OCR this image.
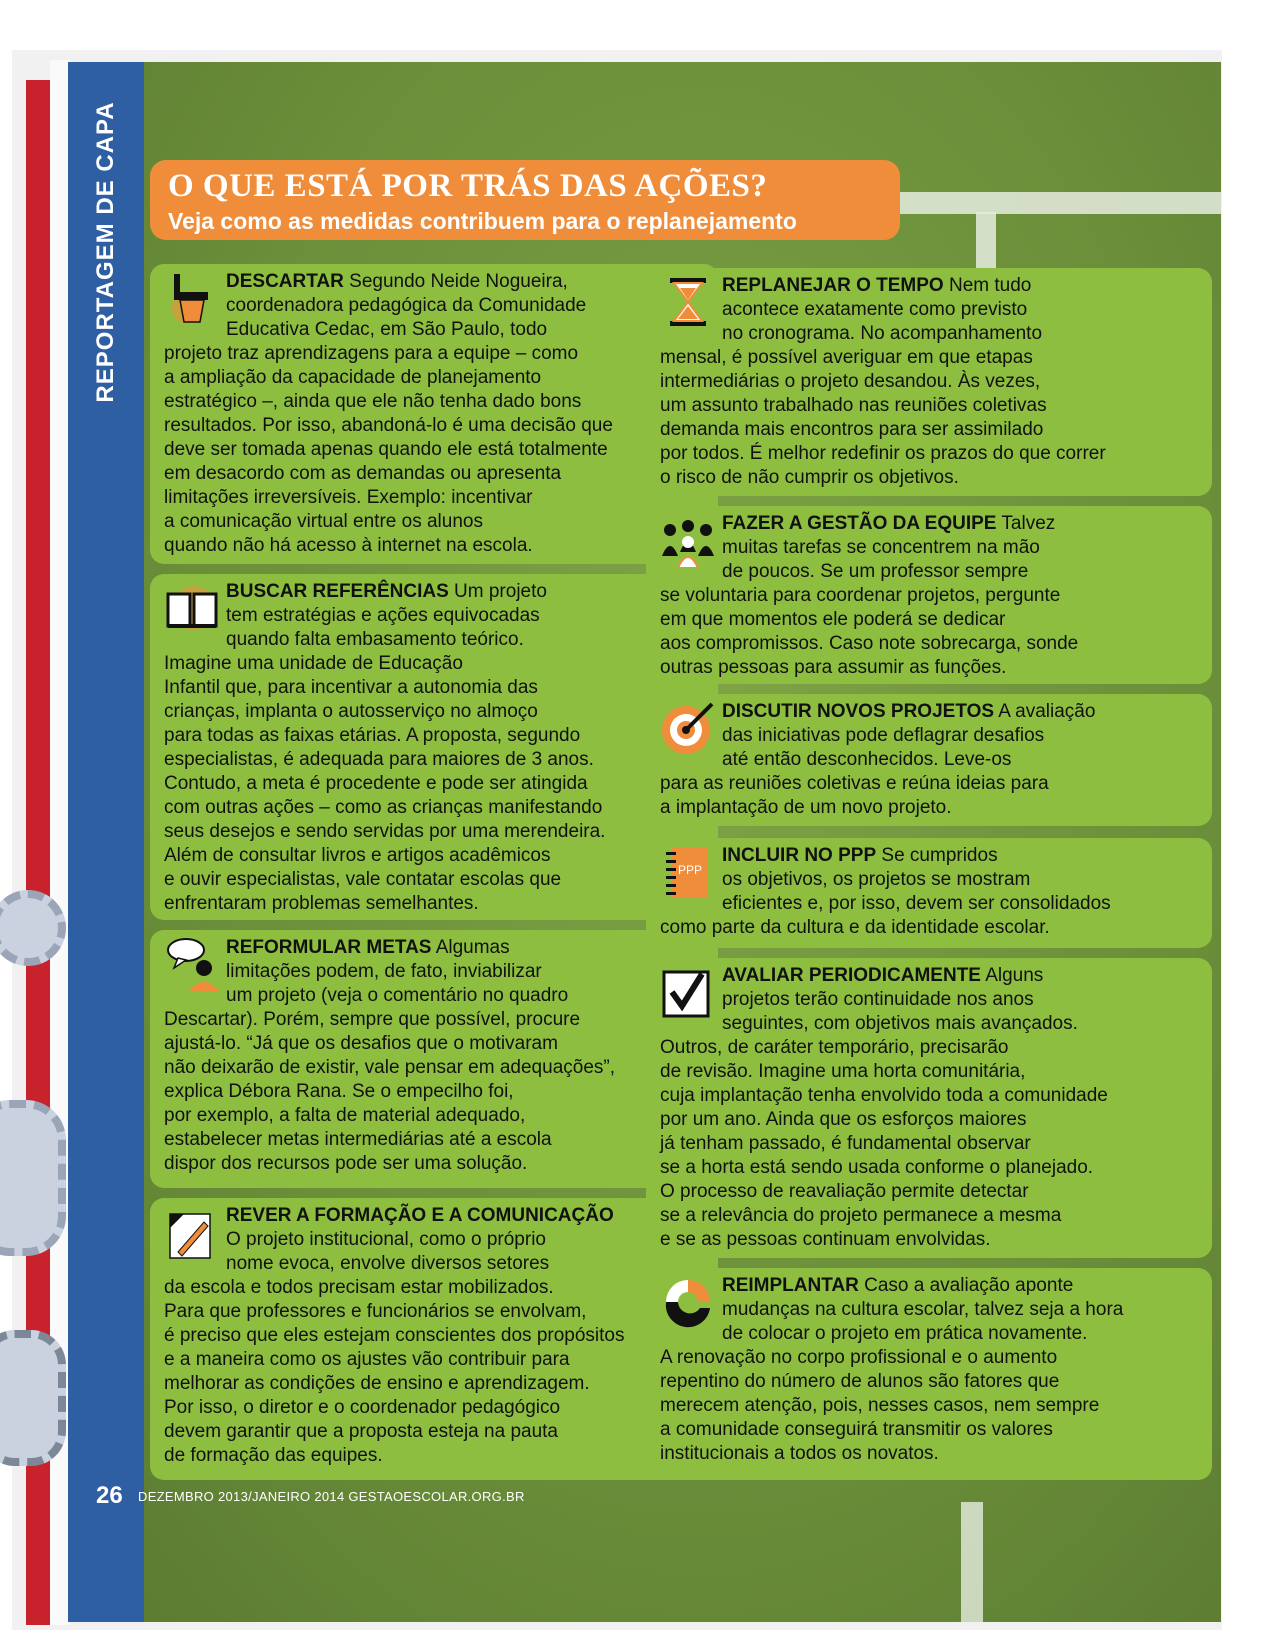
REPORTAGEM DE CAPA O QUE ESTÁ POR TRÁS DAS AÇÕES?
Veja como as medidas contribuem para o replanejamento
DESCARTAR Segundo Neide Nogueira,
coordenadora pedagógica da Comunidade
Educativa Cedac, em São Paulo, todo
projeto traz aprendizagens para a equipe – como
a ampliação da capacidade de planejamento
estratégico –, ainda que ele não tenha dado bons
resultados. Por isso, abandoná-lo é uma decisão que
deve ser tomada apenas quando ele está totalmente
em desacordo com as demandas ou apresenta
limitações irreversíveis. Exemplo: incentivar
a comunicação virtual entre os alunos
quando não há acesso à internet na escola.
BUSCAR REFERÊNCIAS Um projeto
tem estratégias e ações equivocadas
quando falta embasamento teórico.
Imagine uma unidade de Educação
Infantil que, para incentivar a autonomia das
crianças, implanta o autosserviço no almoço
para todas as faixas etárias. A proposta, segundo
especialistas, é adequada para maiores de 3 anos.
Contudo, a meta é procedente e pode ser atingida
com outras ações – como as crianças manifestando
seus desejos e sendo servidas por uma merendeira.
Além de consultar livros e artigos acadêmicos
e ouvir especialistas, vale contatar escolas que
enfrentaram problemas semelhantes.
REFORMULAR METAS Algumas
limitações podem, de fato, inviabilizar
um projeto (veja o comentário no quadro
Descartar). Porém, sempre que possível, procure
ajustá-lo. “Já que os desafios que o motivaram
não deixarão de existir, vale pensar em adequações”,
explica Débora Rana. Se o empecilho foi,
por exemplo, a falta de material adequado,
estabelecer metas intermediárias até a escola
dispor dos recursos pode ser uma solução.
REVER A FORMAÇÃO E A COMUNICAÇÃO
O projeto institucional, como o próprio
nome evoca, envolve diversos setores
da escola e todos precisam estar mobilizados.
Para que professores e funcionários se envolvam,
é preciso que eles estejam conscientes dos propósitos
e a maneira como os ajustes vão contribuir para
melhorar as condições de ensino e aprendizagem.
Por isso, o diretor e o coordenador pedagógico
devem garantir que a proposta esteja na pauta
de formação das equipes.
REPLANEJAR O TEMPO Nem tudo
acontece exatamente como previsto
no cronograma. No acompanhamento
mensal, é possível averiguar em que etapas
intermediárias o projeto desandou. Às vezes,
um assunto trabalhado nas reuniões coletivas
demanda mais encontros para ser assimilado
por todos. É melhor redefinir os prazos do que correr
o risco de não cumprir os objetivos.
FAZER A GESTÃO DA EQUIPE Talvez
muitas tarefas se concentrem na mão
de poucos. Se um professor sempre
se voluntaria para coordenar projetos, pergunte
em que momentos ele poderá se dedicar
aos compromissos. Caso note sobrecarga, sonde
outras pessoas para assumir as funções.
DISCUTIR NOVOS PROJETOS A avaliação
das iniciativas pode deflagrar desafios
até então desconhecidos. Leve-os
para as reuniões coletivas e reúna ideias para
a implantação de um novo projeto.
PPP
INCLUIR NO PPP Se cumpridos
os objetivos, os projetos se mostram
eficientes e, por isso, devem ser consolidados
como parte da cultura e da identidade escolar.
AVALIAR PERIODICAMENTE Alguns
projetos terão continuidade nos anos
seguintes, com objetivos mais avançados.
Outros, de caráter temporário, precisarão
de revisão. Imagine uma horta comunitária,
cuja implantação tenha envolvido toda a comunidade
por um ano. Ainda que os esforços maiores
já tenham passado, é fundamental observar
se a horta está sendo usada conforme o planejado.
O processo de reavaliação permite detectar
se a relevância do projeto permanece a mesma
e se as pessoas continuam envolvidas.
REIMPLANTAR Caso a avaliação aponte
mudanças na cultura escolar, talvez seja a hora
de colocar o projeto em prática novamente.
A renovação no corpo profissional e o aumento
repentino do número de alunos são fatores que
merecem atenção, pois, nesses casos, nem sempre
a comunidade conseguirá transmitir os valores
institucionais a todos os novatos.
26 DEZEMBRO 2013/JANEIRO 2014 GESTAOESCOLAR.ORG.BR
